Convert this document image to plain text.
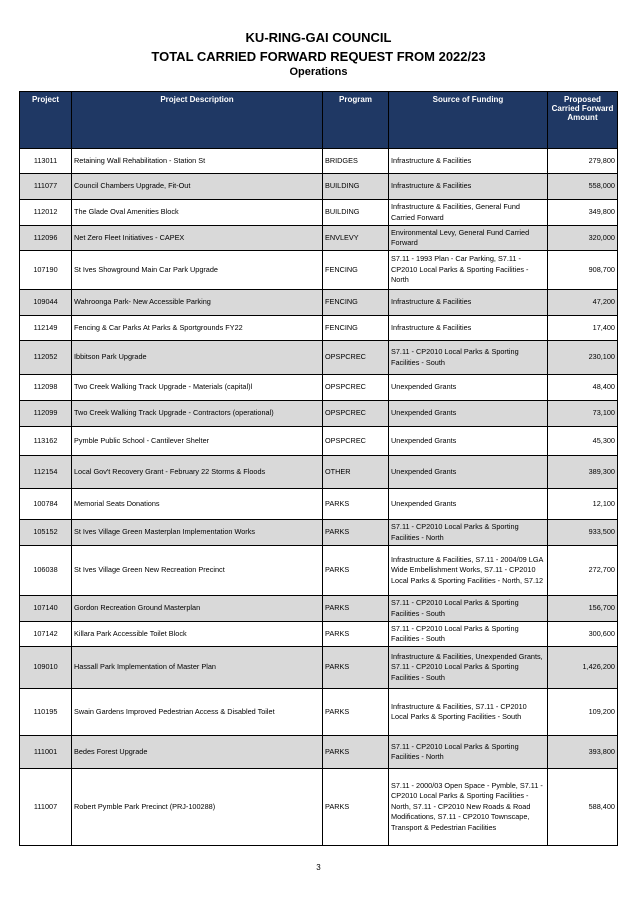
KU-RING-GAI COUNCIL
TOTAL CARRIED FORWARD REQUEST FROM 2022/23
Operations
Project	Project Description	Program	Source of Funding	Proposed Carried Forward Amount
113011	Retaining Wall Rehabilitation - Station St	BRIDGES	Infrastructure & Facilities	279,800
111077	Council Chambers Upgrade, Fit-Out	BUILDING	Infrastructure & Facilities	558,000
112012	The Glade Oval Amenities Block	BUILDING	Infrastructure & Facilities, General Fund Carried Forward	349,800
112096	Net Zero Fleet Initiatives - CAPEX	ENVLEVY	Environmental Levy, General Fund Carried Forward	320,000
107190	St Ives Showground Main Car Park Upgrade	FENCING	S7.11 - 1993 Plan - Car Parking, S7.11 - CP2010 Local Parks & Sporting Facilities - North	908,700
109044	Wahroonga Park- New Accessible Parking	FENCING	Infrastructure & Facilities	47,200
112149	Fencing & Car Parks At Parks & Sportgrounds FY22	FENCING	Infrastructure & Facilities	17,400
112052	Ibbitson Park Upgrade	OPSPCREC	S7.11 - CP2010 Local Parks & Sporting Facilities - South	230,100
112098	Two Creek Walking Track Upgrade - Materials (capital)l	OPSPCREC	Unexpended Grants	48,400
112099	Two Creek Walking Track Upgrade - Contractors (operational)	OPSPCREC	Unexpended Grants	73,100
113162	Pymble Public School - Cantilever Shelter	OPSPCREC	Unexpended Grants	45,300
112154	Local Gov't Recovery Grant - February 22 Storms & Floods	OTHER	Unexpended Grants	389,300
100784	Memorial Seats Donations	PARKS	Unexpended Grants	12,100
105152	St Ives Village Green Masterplan Implementation Works	PARKS	S7.11 - CP2010 Local Parks & Sporting Facilities - North	933,500
106038	St Ives Village Green New Recreation Precinct	PARKS	Infrastructure & Facilities, S7.11 - 2004/09 LGA Wide Embellishment Works, S7.11 - CP2010 Local Parks & Sporting Facilities - North, S7.12	272,700
107140	Gordon Recreation Ground Masterplan	PARKS	S7.11 - CP2010 Local Parks & Sporting Facilities - South	156,700
107142	Killara Park Accessible Toilet Block	PARKS	S7.11 - CP2010 Local Parks & Sporting Facilities - South	300,600
109010	Hassall Park Implementation of Master Plan	PARKS	Infrastructure & Facilities, Unexpended Grants, S7.11 - CP2010 Local Parks & Sporting Facilities - South	1,426,200
110195	Swain Gardens Improved Pedestrian Access & Disabled Toilet	PARKS	Infrastructure & Facilities, S7.11 - CP2010 Local Parks & Sporting Facilities - South	109,200
111001	Bedes Forest Upgrade	PARKS	S7.11 - CP2010 Local Parks & Sporting Facilities - North	393,800
111007	Robert Pymble Park Precinct (PRJ-100288)	PARKS	S7.11 - 2000/03 Open Space - Pymble, S7.11 - CP2010 Local Parks & Sporting Facilities - North, S7.11 - CP2010 New Roads & Road Modifications, S7.11 - CP2010 Townscape, Transport & Pedestrian Facilities	588,400
3
